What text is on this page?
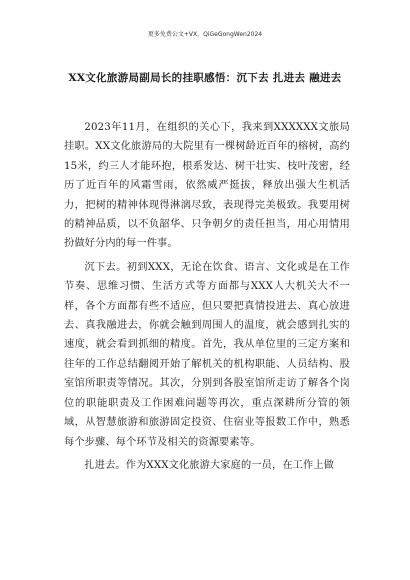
更多免费公文+VX，QiGeGongWen2024
XX文化旅游局副局长的挂职感悟：沉下去 扎进去 融进去

2023年11月，在组织的关心下，我来到XXXXXX文旅局挂职。XX文化旅游局的大院里有一棵树龄近百年的榕树，高约15米，约三人才能环抱，根系发达、树干壮实、枝叶茂密，经历了近百年的风霜雪雨，依然威严挺拔，释放出强大生机活力，把树的精神体现得淋漓尽致，表现得完美极致。我要用树的精神品质，以不负韶华、只争朝夕的责任担当，用心用情用扮做好分内的每一件事。

沉下去。初到XXX，无论在饮食、语言、文化或是在工作节奏、思维习惯、生活方式等方面都与XXX人大机关大不一样，各个方面都有些不适应，但只要把真情投进去、真心放进去、真我融进去，你就会触到周围人的温度，就会感到扎实的速度，就会看到抓细的精度。首先，我从单位里的三定方案和往年的工作总结翻阅开始了解机关的机构职能、人员结构、股室馆所职责等情况。其次，分别到各股室馆所走访了解各个岗位的职能职责及工作困难问题等再次，重点深耕所分管的领域，从智慧旅游和旅游固定投资、住宿业等报数工作中，熟悉每个步骤、每个环节及相关的资源要素等。

扎进去。作为XXX文化旅游大家庭的一员，在工作上做
